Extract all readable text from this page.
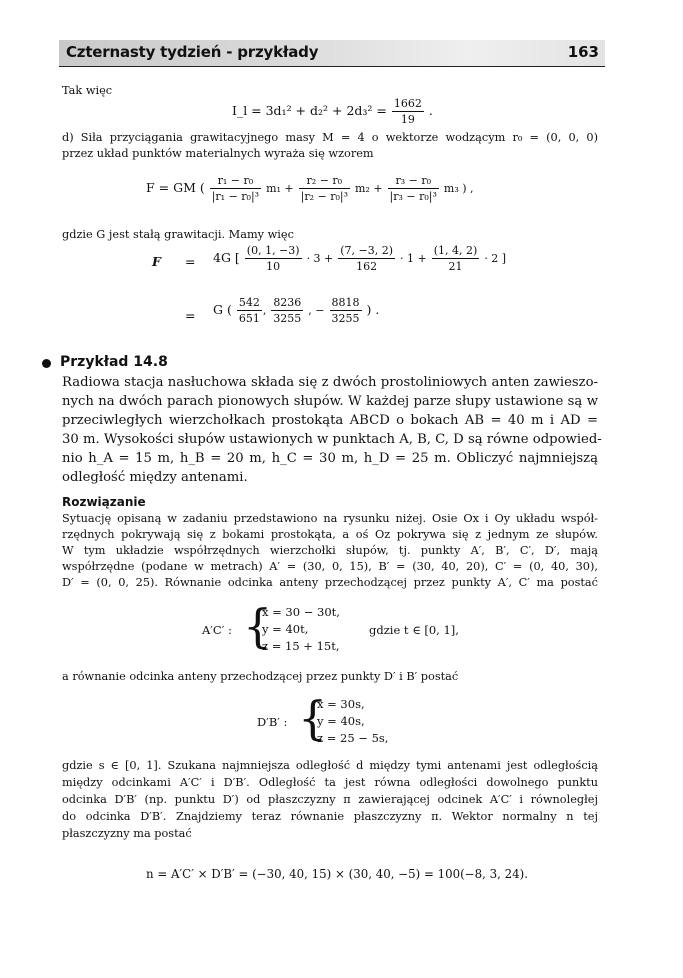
Czternasty tydzień - przykłady	163
Tak więc
I_l = $3d_1^2 + d_2^2 + 2d_3^2 = \frac{1662}{19}$ .
d) Siła przyciągania grawitacyjnego masy M = 4 o wektorze wodzącym r₀ = (0, 0, 0)
przez układ punktów materialnych wyraża się wzorem
F = GM ( $\frac{\text{r₁ − r₀}}{\text{|r₁ − r₀|³}} m_1 + \frac{\text{r₂ − r₀}}{\text{|r₂ − r₀|³}} m_2 + \frac{\text{r₃ − r₀}}{\text{|r₃ − r₀|³}} m_3$ ) ,
gdzie G jest stałą grawitacji. Mamy więc
F = 4G [ $\frac{(0, 1, -3)}{10} \cdot 3 + \frac{(7, -3, 2)}{162} \cdot 1 + \frac{(1, 4, 2)}{21} \cdot 2$ ]
= G ( $\frac{542}{651}$ , $\frac{8236}{3255}$ , − $\frac{8818}{3255}$ ) .
Przykład 14.8
Radiowa stacja nasłuchowa składa się z dwóch prostoliniowych anten zawieszo-
nych na dwóch parach pionowych słupów. W każdej parze słupy ustawione są w
przeciwległych wierzchołkach prostokąta ABCD o bokach AB = 40 m i AD =
30 m. Wysokości słupów ustawionych w punktach A, B, C, D są równe odpowied-
nio h_A = 15 m, h_B = 20 m, h_C = 30 m, h_D = 25 m. Obliczyć najmniejszą
odległość między antenami.
Rozwiązanie
Sytuację opisaną w zadaniu przedstawiono na rysunku niżej. Osie Ox i Oy układu współ-
rzędnych pokrywają się z bokami prostokąta, a oś Oz pokrywa się z jednym ze słupów.
W tym układzie współrzędnych wierzchołki słupów, tj. punkty A′, B′, C′, D′, mają
współrzędne (podane w metrach) A′ = (30, 0, 15), B′ = (30, 40, 20), C′ = (0, 40, 30),
D′ = (0, 0, 25). Równanie odcinka anteny przechodzącej przez punkty A′, C′ ma postać
A′C′ : {
x = 30 − 30t,
y = 40t,
z = 15 + 15t,
gdzie t ∈ [0, 1],
a równanie odcinka anteny przechodzącej przez punkty D′ i B′ postać
D′B′ : {
x = 30s,
y = 40s,
z = 25 − 5s,
gdzie s ∈ [0, 1]. Szukana najmniejsza odległość d między tymi antenami jest odległością
między odcinkami A′C′ i D′B′. Odległość ta jest równa odległości dowolnego punktu
odcinka D′B′ (np. punktu D′) od płaszczyzny π zawierającej odcinek A′C′ i równoległej
do odcinka D′B′. Znajdziemy teraz równanie płaszczyzny π. Wektor normalny n tej
płaszczyzny ma postać
n = A′C′ × D′B′ = (−30, 40, 15) × (30, 40, −5) = 100(−8, 3, 24).
